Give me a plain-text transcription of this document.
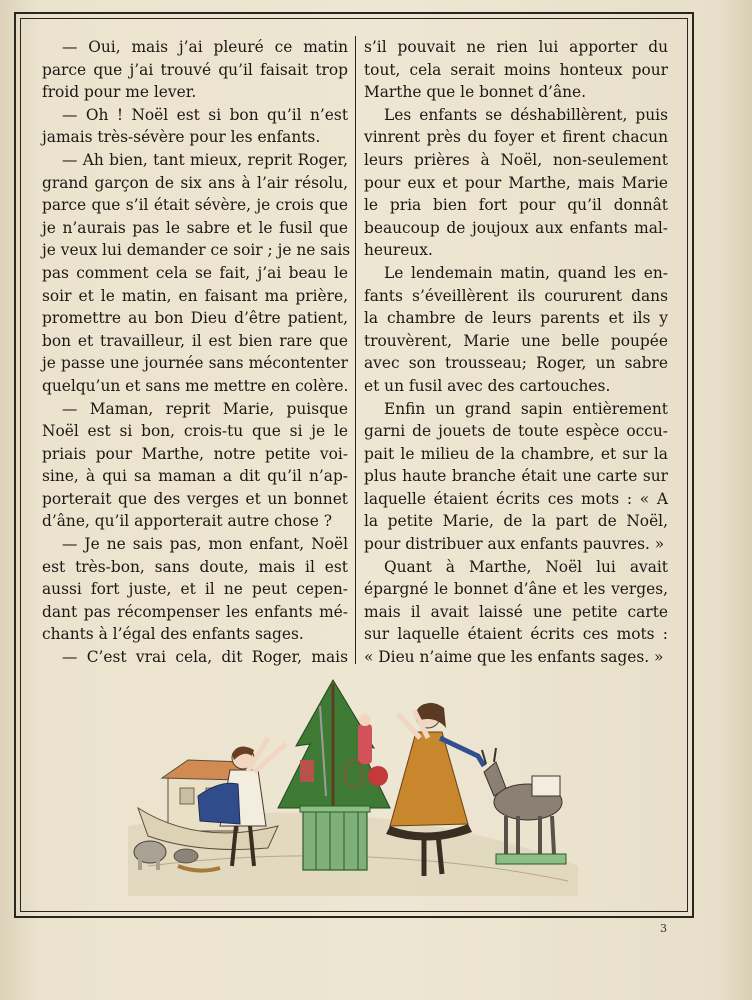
— Oui, mais j’ai pleuré ce matin
parce que j’ai trouvé qu’il faisait trop
froid pour me lever.
— Oh ! Noël est si bon qu’il n’est
jamais très-sévère pour les enfants.
— Ah bien, tant mieux, reprit Roger,
grand garçon de six ans à l’air résolu,
parce que s’il était sévère, je crois que
je n’aurais pas le sabre et le fusil que
je veux lui demander ce soir ; je ne sais
pas comment cela se fait, j’ai beau le
soir et le matin, en faisant ma prière,
promettre au bon Dieu d’être patient,
bon et travailleur, il est bien rare que
je passe une journée sans mécontenter
quelqu’un et sans me mettre en colère.
— Maman, reprit Marie, puisque
Noël est si bon, crois-tu que si je le
priais pour Marthe, notre petite voi-
sine, à qui sa maman a dit qu’il n’ap-
porterait que des verges et un bonnet
d’âne, qu’il apporterait autre chose ?
— Je ne sais pas, mon enfant, Noël
est très-bon, sans doute, mais il est
aussi fort juste, et il ne peut cepen-
dant pas récompenser les enfants mé-
chants à l’égal des enfants sages.
— C’est vrai cela, dit Roger, mais
s’il pouvait ne rien lui apporter du
tout, cela serait moins honteux pour
Marthe que le bonnet d’âne.
Les enfants se déshabillèrent, puis
vinrent près du foyer et firent chacun
leurs prières à Noël, non-seulement
pour eux et pour Marthe, mais Marie
le pria bien fort pour qu’il donnât
beaucoup de joujoux aux enfants mal-
heureux.
Le lendemain matin, quand les en-
fants s’éveillèrent ils coururent dans
la chambre de leurs parents et ils y
trouvèrent, Marie une belle poupée
avec son trousseau; Roger, un sabre
et un fusil avec des cartouches.
Enfin un grand sapin entièrement
garni de jouets de toute espèce occu-
pait le milieu de la chambre, et sur la
plus haute branche était une carte sur
laquelle étaient écrits ces mots : « A
la petite Marie, de la part de Noël,
pour distribuer aux enfants pauvres. »
Quant à Marthe, Noël lui avait
épargné le bonnet d’âne et les verges,
mais il avait laissé une petite carte
sur laquelle étaient écrits ces mots :
« Dieu n’aime que les enfants sages. »
3
